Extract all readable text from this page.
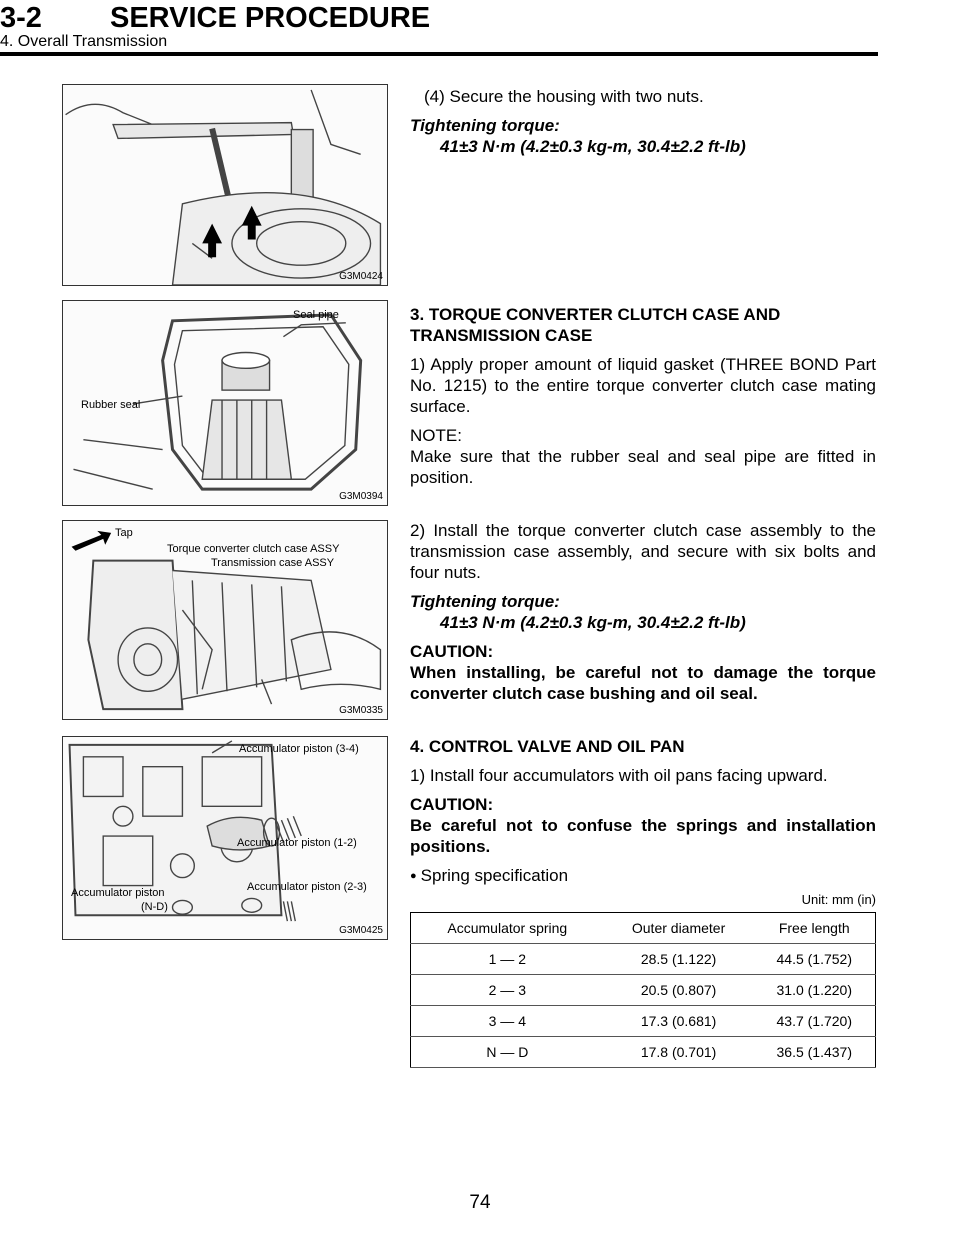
3-2 SERVICE PROCEDURE
4. Overall Transmission
G3M0424
Seal pipe
Rubber seal
G3M0394
Tap
Torque converter clutch case ASSY
Transmission case ASSY
G3M0335
Accumulator piston (3-4)
Accumulator piston (1-2)
Accumulator piston
(N-D)
Accumulator piston (2-3)
G3M0425

(4) Secure the housing with two nuts.

Tightening torque:
41±3 N·m (4.2±0.3 kg-m, 30.4±2.2 ft-lb)
3. TORQUE CONVERTER CLUTCH CASE AND

TRANSMISSION CASE

1) Apply proper amount of liquid gasket (THREE BOND Part No. 1215) to the entire torque converter clutch case mating surface.

NOTE:
Make sure that the rubber seal and seal pipe are fitted in position.

2) Install the torque converter clutch case assembly to the transmission case assembly, and secure with six bolts and four nuts.

Tightening torque:

41±3 N·m (4.2±0.3 kg-m, 30.4±2.2 ft-lb)

CAUTION:
When installing, be careful not to damage the torque converter clutch case bushing and oil seal.

4. CONTROL VALVE AND OIL PAN

1) Install four accumulators with oil pans facing upward.

CAUTION:

Be careful not to confuse the springs and installation positions.

● Spring specification
Unit: mm (in)
Accumulator spring	Outer diameter	Free length
1 — 2	28.5 (1.122)	44.5 (1.752)
2 — 3	20.5 (0.807)	31.0 (1.220)
3 — 4	17.3 (0.681)	43.7 (1.720)
N — D	17.8 (0.701)	36.5 (1.437)
74
